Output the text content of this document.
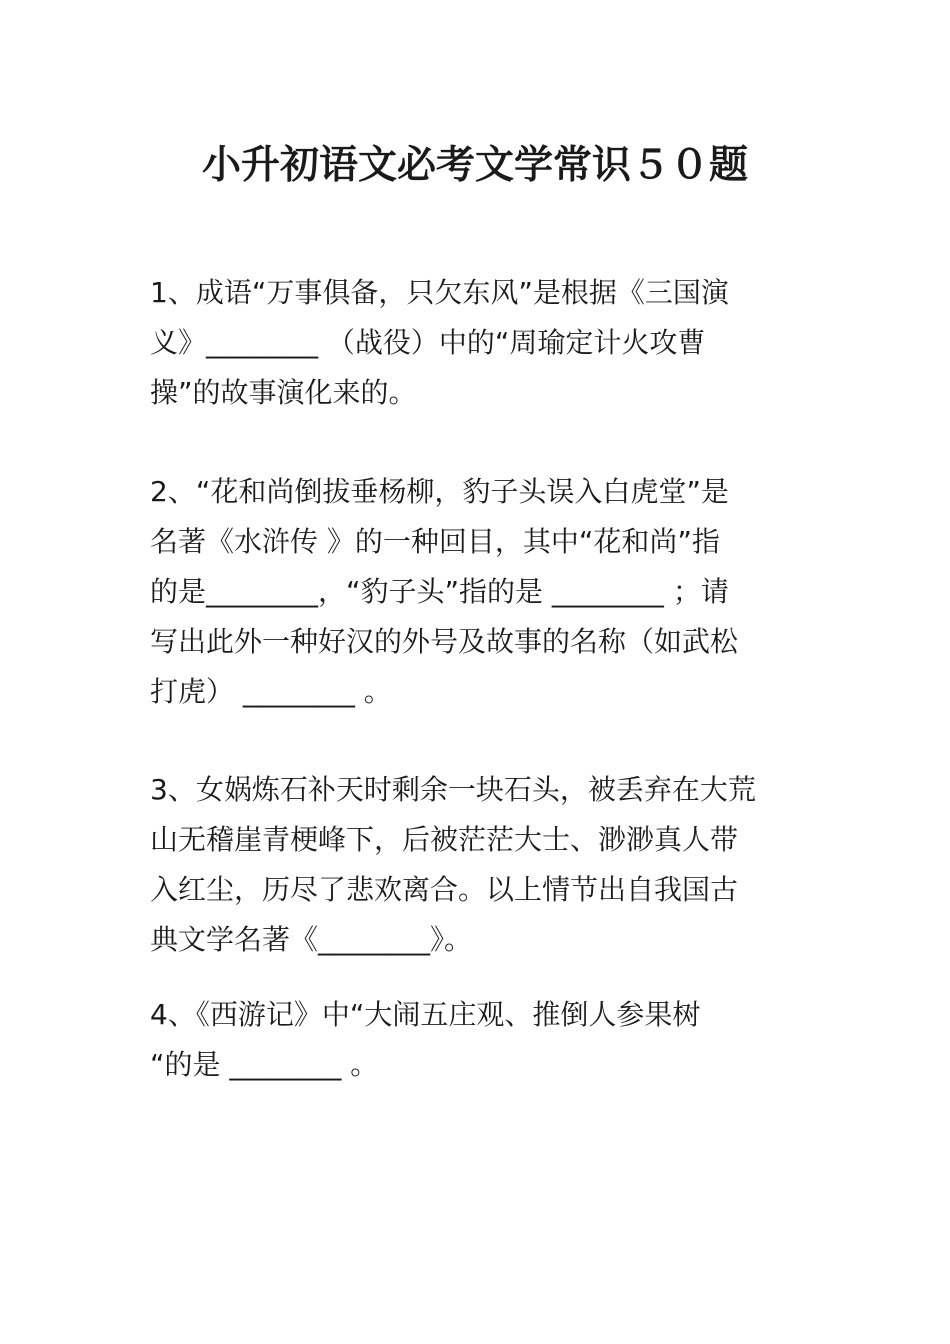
小升初语文必考文学常识５０题
1、成语“万事俱备，只欠东风”是根据《三国演
义》________ （战役）中的“周瑜定计火攻曹
操”的故事演化来的。
2、“花和尚倒拔垂杨柳，豹子头误入白虎堂”是
名著《水浒传 》的一种回目，其中“花和尚”指
的是________，“豹子头”指的是 ________ ；请
写出此外一种好汉的外号及故事的名称（如武松
打虎） ________ 。
3、女娲炼石补天时剩余一块石头，被丢弃在大荒
山无稽崖青梗峰下，后被茫茫大士、渺渺真人带
入红尘，历尽了悲欢离合。以上情节出自我国古
典文学名著《________》。
4、《西游记》中“大闹五庄观、推倒人参果树
“的是 ________ 。
